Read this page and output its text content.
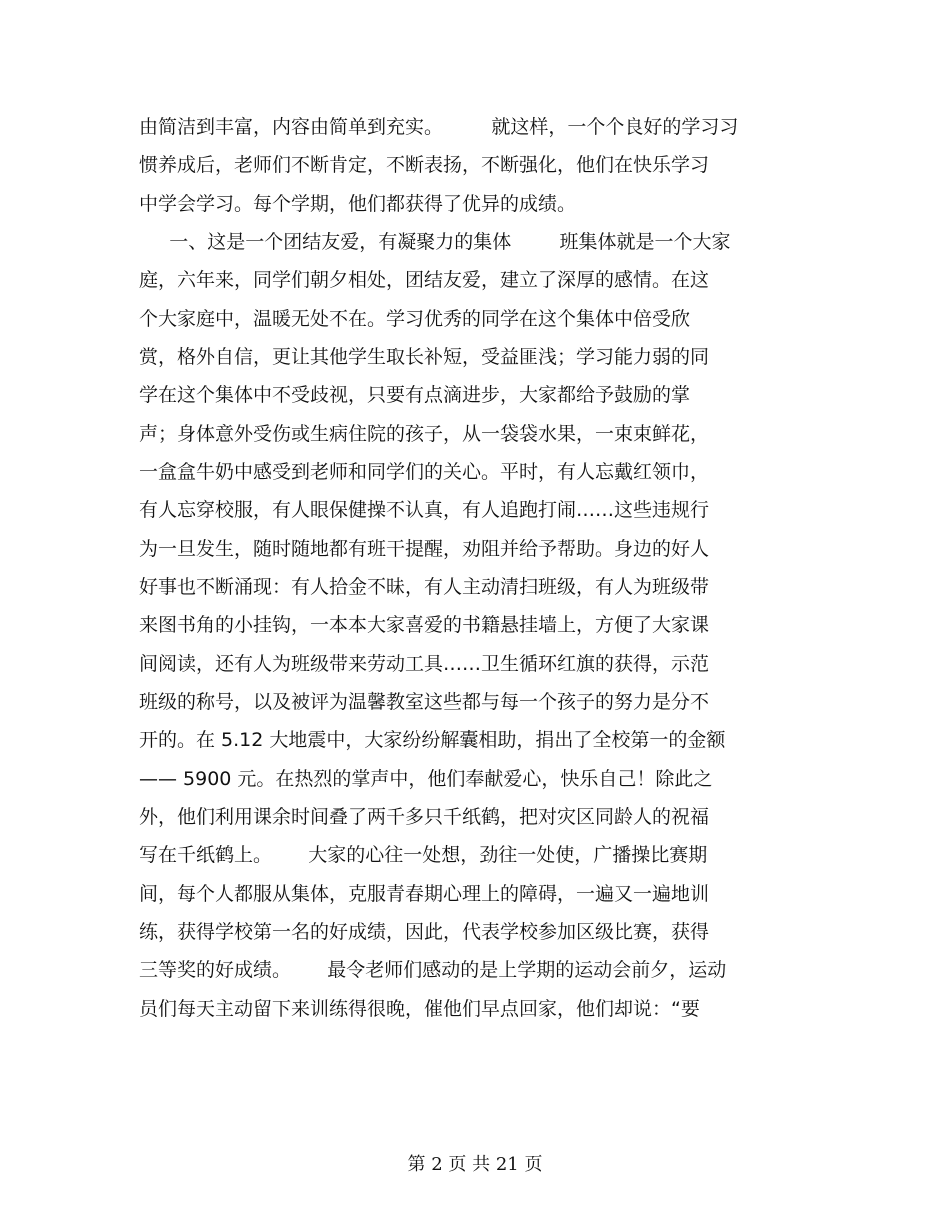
由简洁到丰富，内容由简单到充实。        就这样，一个个良好的学习习
惯养成后，老师们不断肯定，不断表扬，不断强化，他们在快乐学习
中学会学习。每个学期，他们都获得了优异的成绩。
一、这是一个团结友爱，有凝聚力的集体        班集体就是一个大家
庭，六年来，同学们朝夕相处，团结友爱，建立了深厚的感情。在这
个大家庭中，温暖无处不在。学习优秀的同学在这个集体中倍受欣
赏，格外自信，更让其他学生取长补短，受益匪浅；学习能力弱的同
学在这个集体中不受歧视，只要有点滴进步，大家都给予鼓励的掌
声；身体意外受伤或生病住院的孩子，从一袋袋水果，一束束鲜花，
一盒盒牛奶中感受到老师和同学们的关心。平时，有人忘戴红领巾，
有人忘穿校服，有人眼保健操不认真，有人追跑打闹……这些违规行
为一旦发生，随时随地都有班干提醒，劝阻并给予帮助。身边的好人
好事也不断涌现：有人拾金不昧，有人主动清扫班级，有人为班级带
来图书角的小挂钩，一本本大家喜爱的书籍悬挂墙上，方便了大家课
间阅读，还有人为班级带来劳动工具……卫生循环红旗的获得，示范
班级的称号，以及被评为温馨教室这些都与每一个孩子的努力是分不
开的。在 5.12 大地震中，大家纷纷解囊相助，捐出了全校第一的金额
—— 5900 元。在热烈的掌声中，他们奉献爱心，快乐自己！除此之
外，他们利用课余时间叠了两千多只千纸鹤，把对灾区同龄人的祝福
写在千纸鹤上。      大家的心往一处想，劲往一处使，广播操比赛期
间，每个人都服从集体，克服青春期心理上的障碍，一遍又一遍地训
练，获得学校第一名的好成绩，因此，代表学校参加区级比赛，获得
三等奖的好成绩。      最令老师们感动的是上学期的运动会前夕，运动
员们每天主动留下来训练得很晚，催他们早点回家，他们却说：“要
第 2 页 共 21 页
